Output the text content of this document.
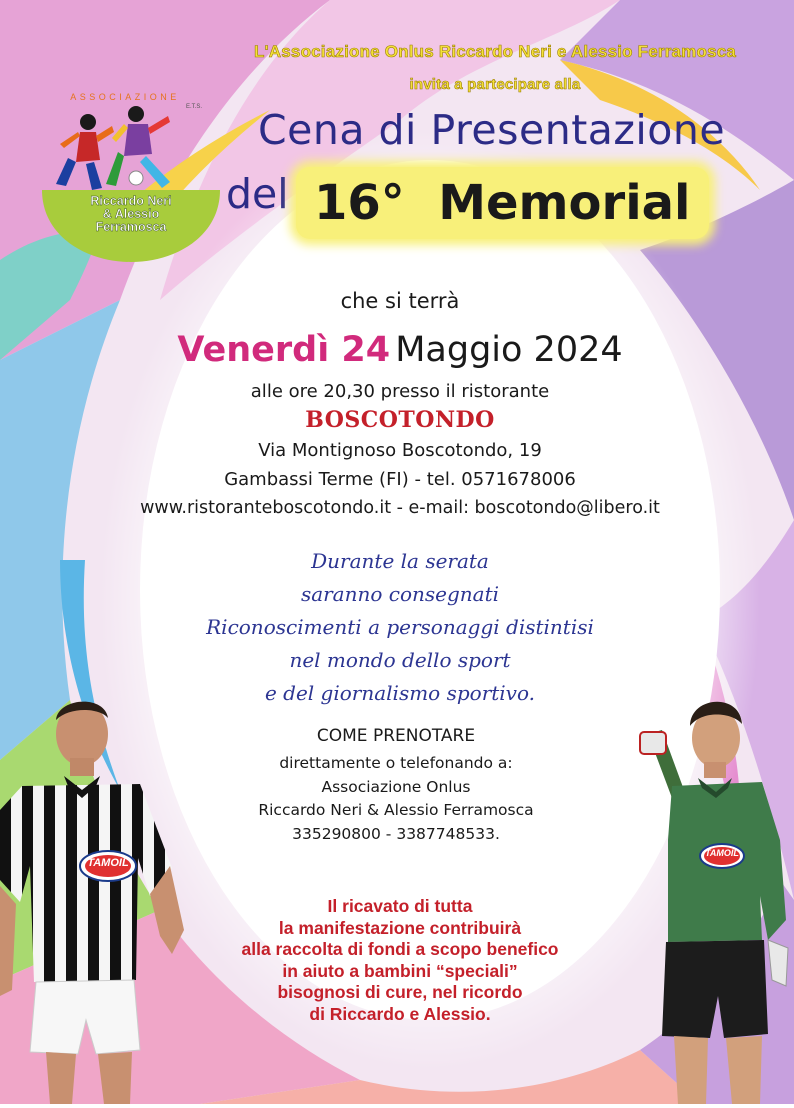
L'Associazione Onlus Riccardo Neri e Alessio Ferramosca
invita a partecipare alla
ASSOCIAZIONE
E.T.S.
Riccardo Neri
& Alessio
Ferramosca
Cena di Presentazione
del 16°  Memorial
che si terrà
Venerdì 24 Maggio 2024
alle ore 20,30 presso il ristorante
BOSCOTONDO
Via Montignoso Boscotondo, 19
Gambassi Terme (FI) - tel. 0571678006
www.ristoranteboscotondo.it - e-mail: boscotondo@libero.it
Durante la serata
saranno consegnati
Riconoscimenti a personaggi distintisi
nel mondo dello sport
e del giornalismo sportivo.
COME PRENOTARE
direttamente o telefonando a:
Associazione Onlus
Riccardo Neri & Alessio Ferramosca
335290800 - 3387748533.
Il ricavato di tutta
la manifestazione contribuirà
alla raccolta di fondi a scopo benefico
in aiuto a bambini “speciali”
bisognosi di cure, nel ricordo
di Riccardo e Alessio.
TAMOIL
TAMOIL
